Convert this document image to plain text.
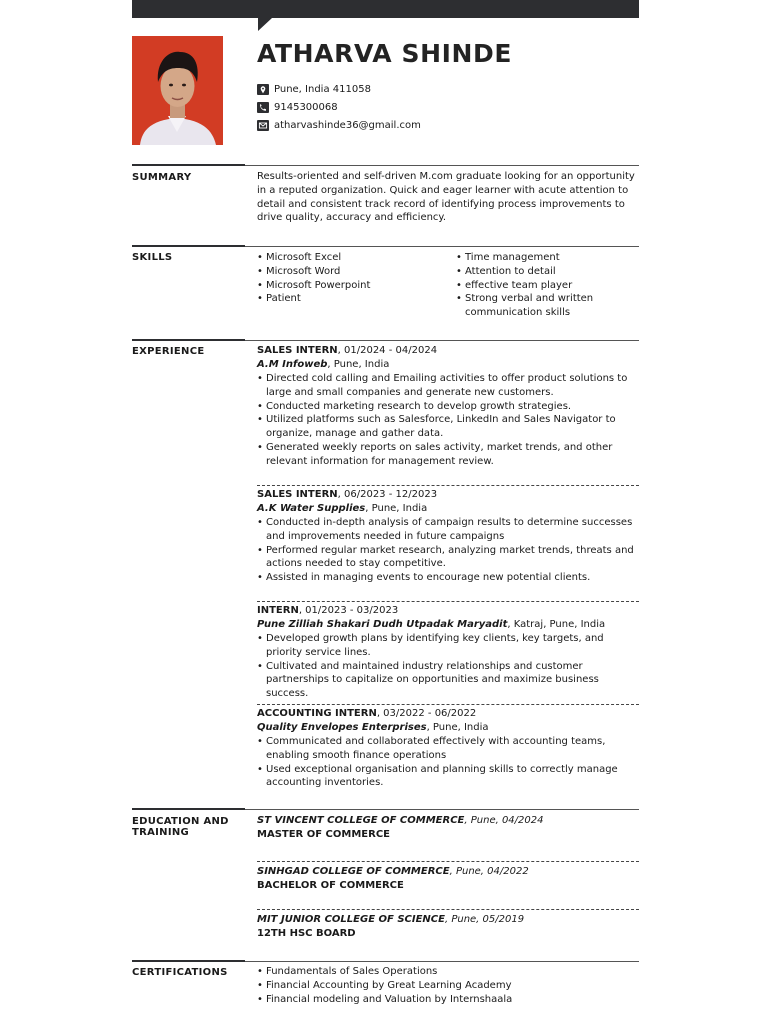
ATHARVA SHINDE
Pune, India 411058
9145300068
atharvashinde36@gmail.com
SUMMARY	Results-oriented and self-driven M.com graduate looking for an opportunity in a reputed organization. Quick and eager learner with acute attention to detail and consistent track record of identifying process improvements to drive quality, accuracy and efficiency.
SKILLS	• Microsoft Excel
• Microsoft Word
• Microsoft Powerpoint
• Patient
• Time management
• Attention to detail
• effective team player
• Strong verbal and written communication skills
EXPERIENCE	SALES INTERN, 01/2024 - 04/2024
A.M Infoweb, Pune, India
• Directed cold calling and Emailing activities to offer product solutions to large and small companies and generate new customers.
• Conducted marketing research to develop growth strategies.
• Utilized platforms such as Salesforce, LinkedIn and Sales Navigator to organize, manage and gather data.
• Generated weekly reports on sales activity, market trends, and other relevant information for management review.
SALES INTERN, 06/2023 - 12/2023
A.K Water Supplies, Pune, India
• Conducted in-depth analysis of campaign results to determine successes and improvements needed in future campaigns
• Performed regular market research, analyzing market trends, threats and actions needed to stay competitive.
• Assisted in managing events to encourage new potential clients.
INTERN, 01/2023 - 03/2023
Pune Zilliah Shakari Dudh Utpadak Maryadit, Katraj, Pune, India
• Developed growth plans by identifying key clients, key targets, and priority service lines.
• Cultivated and maintained industry relationships and customer partnerships to capitalize on opportunities and maximize business success.
ACCOUNTING INTERN, 03/2022 - 06/2022
Quality Envelopes Enterprises, Pune, India
• Communicated and collaborated effectively with accounting teams, enabling smooth finance operations
• Used exceptional organisation and planning skills to correctly manage accounting inventories.
EDUCATION AND
TRAINING
ST VINCENT COLLEGE OF COMMERCE, Pune, 04/2024
MASTER OF COMMERCE
SINHGAD COLLEGE OF COMMERCE, Pune, 04/2022
BACHELOR OF COMMERCE
MIT JUNIOR COLLEGE OF SCIENCE, Pune, 05/2019
12TH HSC BOARD
CERTIFICATIONS	• Fundamentals of Sales Operations
• Financial Accounting by Great Learning Academy
• Financial modeling and Valuation by Internshaala
